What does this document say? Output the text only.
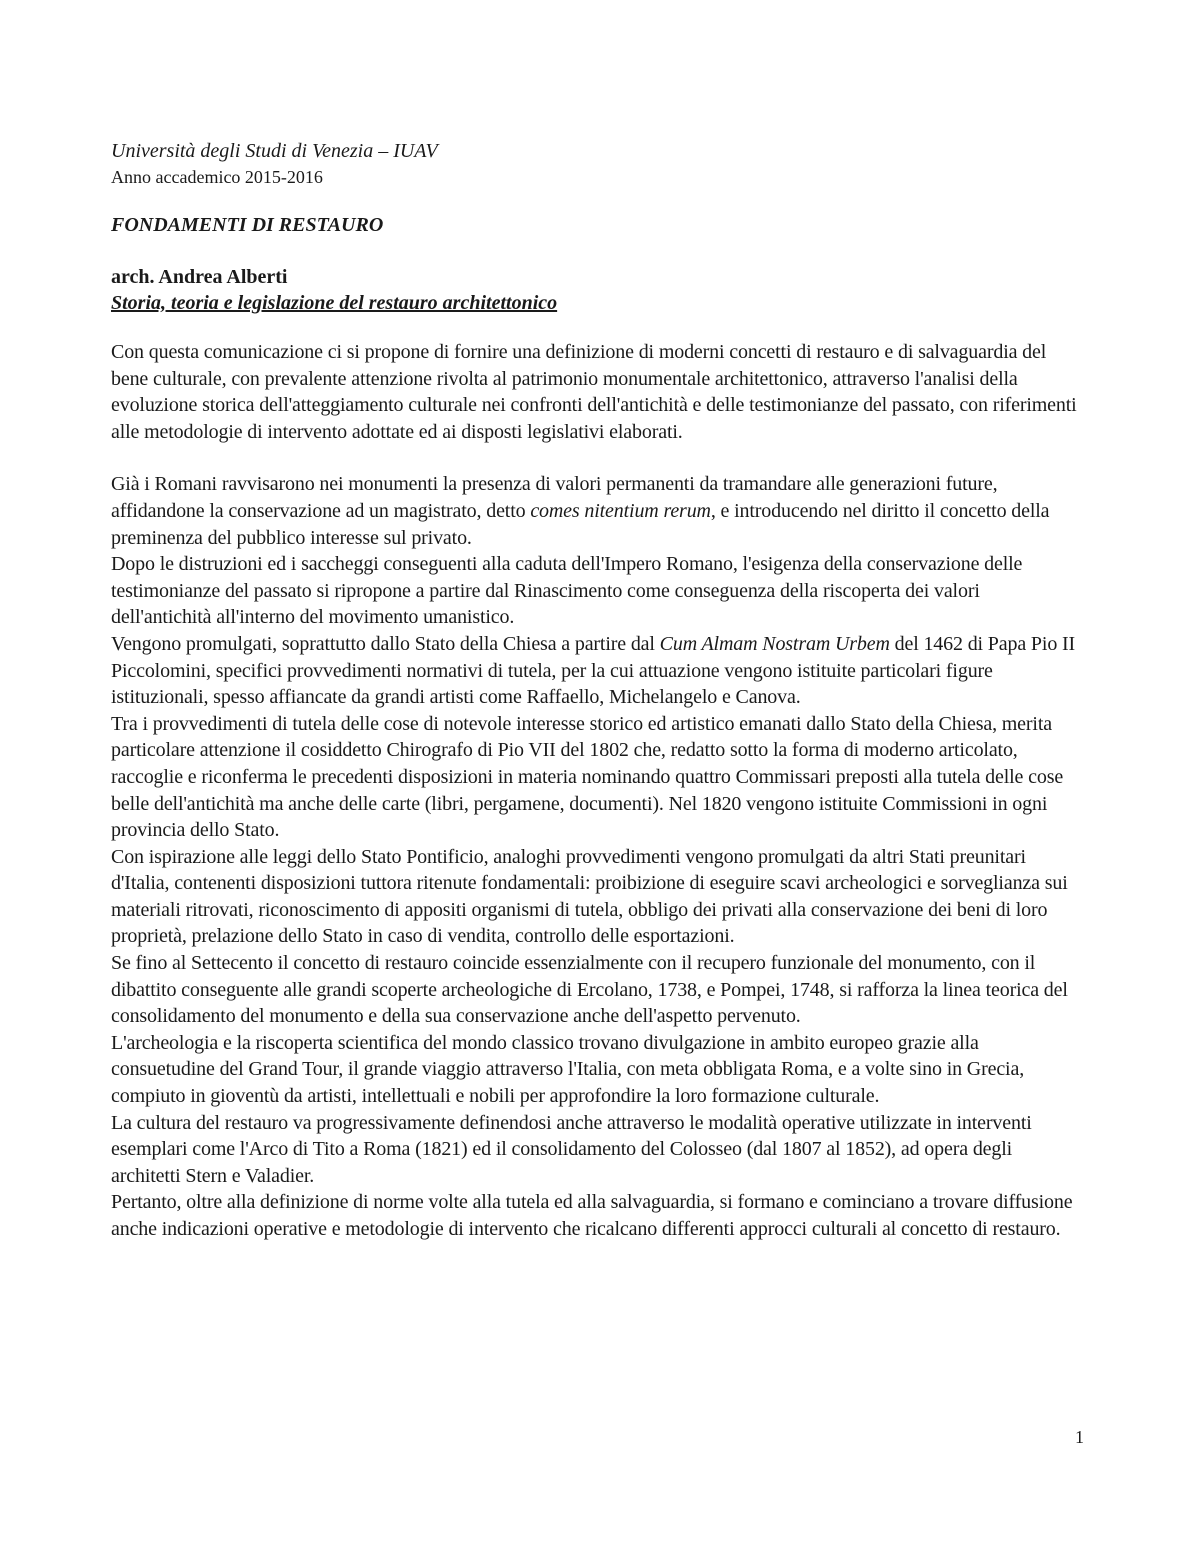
Università degli Studi di Venezia – IUAV

Anno accademico 2015-2016

FONDAMENTI DI RESTAURO

arch. Andrea Alberti

Storia, teoria e legislazione del restauro architettonico

Con questa comunicazione ci si propone di fornire una definizione di moderni concetti di restauro e di salvaguardia del bene culturale, con prevalente attenzione rivolta al patrimonio monumentale architettonico, attraverso l'analisi della evoluzione storica dell'atteggiamento culturale nei confronti dell'antichità e delle testimonianze del passato, con riferimenti alle metodologie di intervento adottate ed ai disposti legislativi elaborati.

Già i Romani ravvisarono nei monumenti la presenza di valori permanenti da tramandare alle generazioni future, affidandone la conservazione ad un magistrato, detto comes nitentium rerum, e introducendo nel diritto il concetto della preminenza del pubblico interesse sul privato.

Dopo le distruzioni ed i saccheggi conseguenti alla caduta dell'Impero Romano, l'esigenza della conservazione delle testimonianze del passato si ripropone a partire dal Rinascimento come conseguenza della riscoperta dei valori dell'antichità all'interno del movimento umanistico.

Vengono promulgati, soprattutto dallo Stato della Chiesa a partire dal Cum Almam Nostram Urbem del 1462 di Papa Pio II Piccolomini, specifici provvedimenti normativi di tutela, per la cui attuazione vengono istituite particolari figure istituzionali, spesso affiancate da grandi artisti come Raffaello, Michelangelo e Canova.

Tra i provvedimenti di tutela delle cose di notevole interesse storico ed artistico emanati dallo Stato della Chiesa, merita particolare attenzione il cosiddetto Chirografo di Pio VII del 1802 che, redatto sotto la forma di moderno articolato, raccoglie e riconferma le precedenti disposizioni in materia nominando quattro Commissari preposti alla tutela delle cose belle dell'antichità ma anche delle carte (libri, pergamene, documenti). Nel 1820 vengono istituite Commissioni in ogni provincia dello Stato.

Con ispirazione alle leggi dello Stato Pontificio, analoghi provvedimenti vengono promulgati da altri Stati preunitari d'Italia, contenenti disposizioni tuttora ritenute fondamentali: proibizione di eseguire scavi archeologici e sorveglianza sui materiali ritrovati, riconoscimento di appositi organismi di tutela, obbligo dei privati alla conservazione dei beni di loro proprietà, prelazione dello Stato in caso di vendita, controllo delle esportazioni.

Se fino al Settecento il concetto di restauro coincide essenzialmente con il recupero funzionale del monumento, con il dibattito conseguente alle grandi scoperte archeologiche di Ercolano, 1738, e Pompei, 1748, si rafforza la linea teorica del consolidamento del monumento e della sua conservazione anche dell'aspetto pervenuto.

L'archeologia e la riscoperta scientifica del mondo classico trovano divulgazione in ambito europeo grazie alla consuetudine del Grand Tour, il grande viaggio attraverso l'Italia, con meta obbligata Roma, e a volte sino in Grecia, compiuto in gioventù da artisti, intellettuali e nobili per approfondire la loro formazione culturale.

La cultura del restauro va progressivamente definendosi anche attraverso le modalità operative utilizzate in interventi esemplari come l'Arco di Tito a Roma (1821) ed il consolidamento del Colosseo (dal 1807 al 1852), ad opera degli architetti Stern e Valadier.

Pertanto, oltre alla definizione di norme volte alla tutela ed alla salvaguardia, si formano e cominciano a trovare diffusione anche indicazioni operative e metodologie di intervento che ricalcano differenti approcci culturali al concetto di restauro.

1
